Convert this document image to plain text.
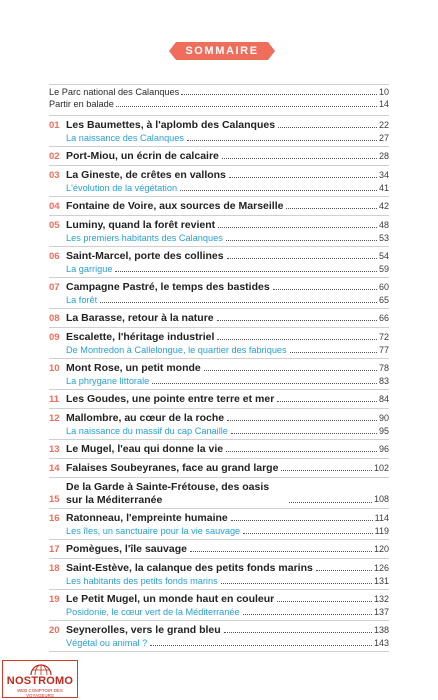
SOMMAIRE
Le Parc national des Calanques	10
Partir en balade	14
01 Les Baumettes, à l'aplomb des Calanques	22
La naissance des Calanques	27
02 Port-Miou, un écrin de calcaire	28
03 La Gineste, de crêtes en vallons	34
L'évolution de la végétation	41
04 Fontaine de Voire, aux sources de Marseille	42
05 Luminy, quand la forêt revient	48
Les premiers habitants des Calanques	53
06 Saint-Marcel, porte des collines	54
La garrigue	59
07 Campagne Pastré, le temps des bastides	60
La forêt	65
08 La Barasse, retour à la nature	66
09 Escalette, l'héritage industriel	72
De Montredon à Callelongue, le quartier des fabriques	77
10 Mont Rose, un petit monde	78
La phrygane littorale	83
11 Les Goudes, une pointe entre terre et mer	84
12 Mallombre, au cœur de la roche	90
La naissance du massif du cap Canaille	95
13 Le Mugel, l'eau qui donne la vie	96
14 Falaises Soubeyranes, face au grand large	102
15
De la Garde à Sainte-Frétouse, des oasis sur la Méditerranée	108
16 Ratonneau, l'empreinte humaine	114
Les îles, un sanctuaire pour la vie sauvage	119
17 Pomègues, l'île sauvage	120
18 Saint-Estève, la calanque des petits fonds marins	126
Les habitants des petits fonds marins	131
19 Le Petit Mugel, un monde haut en couleur	132
Posidonie, le cœur vert de la Méditerranée	137
20 Seynerolles, vers le grand bleu	138
Végétal ou animal ?	143
NOSTROMO
WEB COMPTOIR DES VOYAGEURS
